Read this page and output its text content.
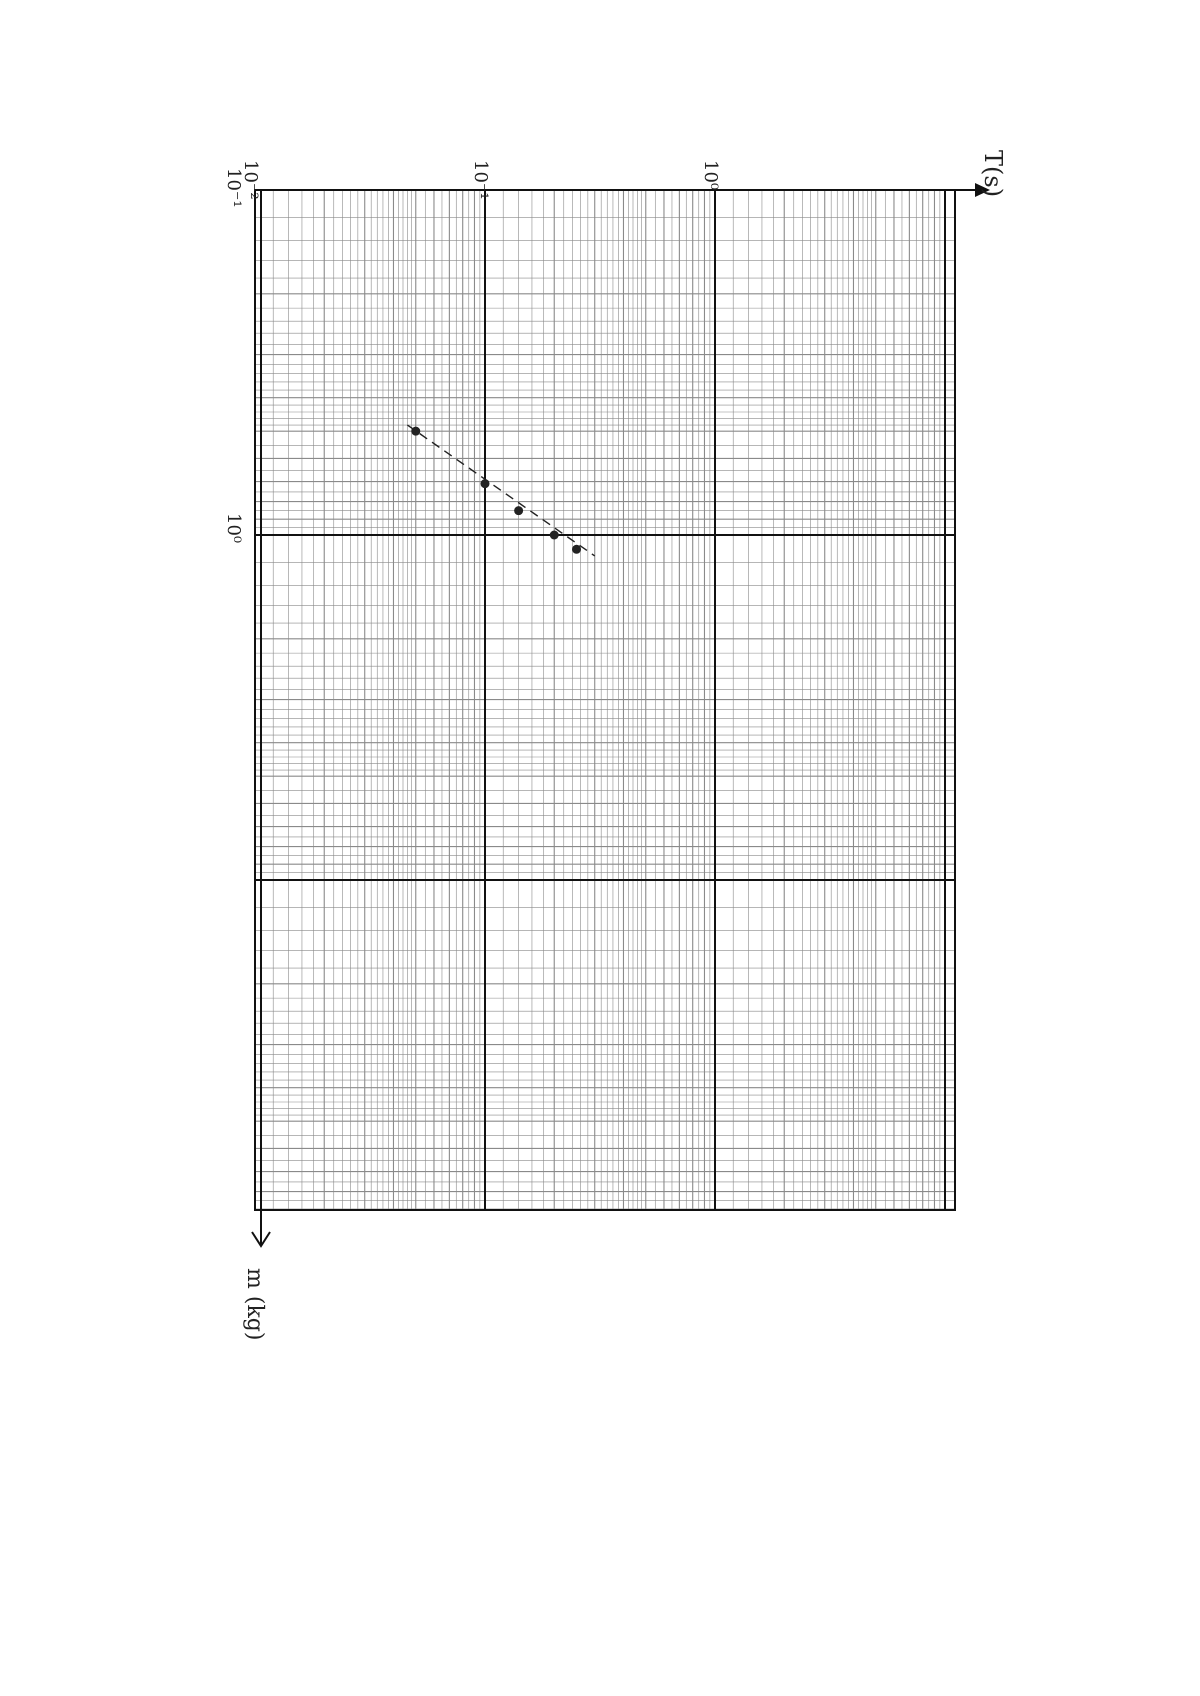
T(s)
m (kg)
10⁻¹
10⁰
10⁻²	10⁻¹	10⁰
